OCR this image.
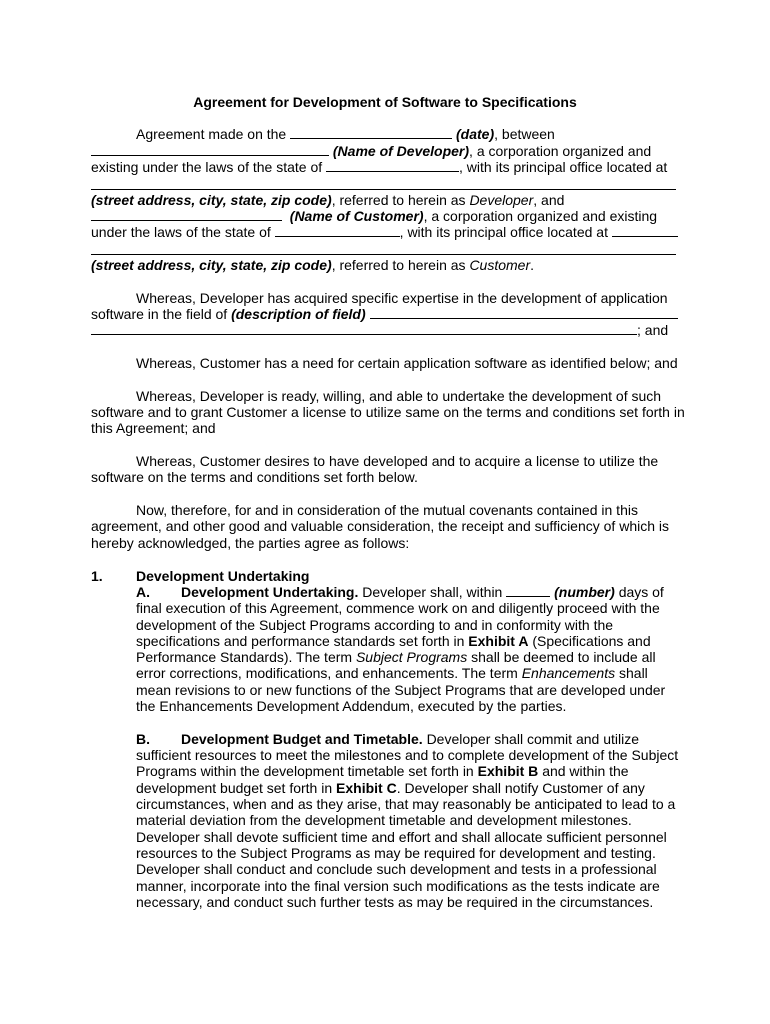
Agreement for Development of Software to Specifications
Agreement made on the	(date), between
(Name of Developer), a corporation organized and
existing under the laws of the state of	, with its principal office located at
(street address, city, state, zip code), referred to herein as Developer, and
(Name of Customer), a corporation organized and existing
under the laws of the state of	, with its principal office located at
(street address, city, state, zip code), referred to herein as Customer.
Whereas, Developer has acquired specific expertise in the development of application
software in the field of (description of field)
; and
Whereas, Customer has a need for certain application software as identified below; and
Whereas, Developer is ready, willing, and able to undertake the development of such
software and to grant Customer a license to utilize same on the terms and conditions set forth in
this Agreement; and
Whereas, Customer desires to have developed and to acquire a license to utilize the
software on the terms and conditions set forth below.
Now, therefore, for and in consideration of the mutual covenants contained in this
agreement, and other good and valuable consideration, the receipt and sufficiency of which is
hereby acknowledged, the parties agree as follows:
1. Development Undertaking
A. Development Undertaking. Developer shall, within	(number) days of
final execution of this Agreement, commence work on and diligently proceed with the
development of the Subject Programs according to and in conformity with the
specifications and performance standards set forth in Exhibit A (Specifications and
Performance Standards). The term Subject Programs shall be deemed to include all
error corrections, modifications, and enhancements. The term Enhancements shall
mean revisions to or new functions of the Subject Programs that are developed under
the Enhancements Development Addendum, executed by the parties.
B. Development Budget and Timetable. Developer shall commit and utilize
sufficient resources to meet the milestones and to complete development of the Subject
Programs within the development timetable set forth in Exhibit B and within the
development budget set forth in Exhibit C. Developer shall notify Customer of any
circumstances, when and as they arise, that may reasonably be anticipated to lead to a
material deviation from the development timetable and development milestones.
Developer shall devote sufficient time and effort and shall allocate sufficient personnel
resources to the Subject Programs as may be required for development and testing.
Developer shall conduct and conclude such development and tests in a professional
manner, incorporate into the final version such modifications as the tests indicate are
necessary, and conduct such further tests as may be required in the circumstances.
